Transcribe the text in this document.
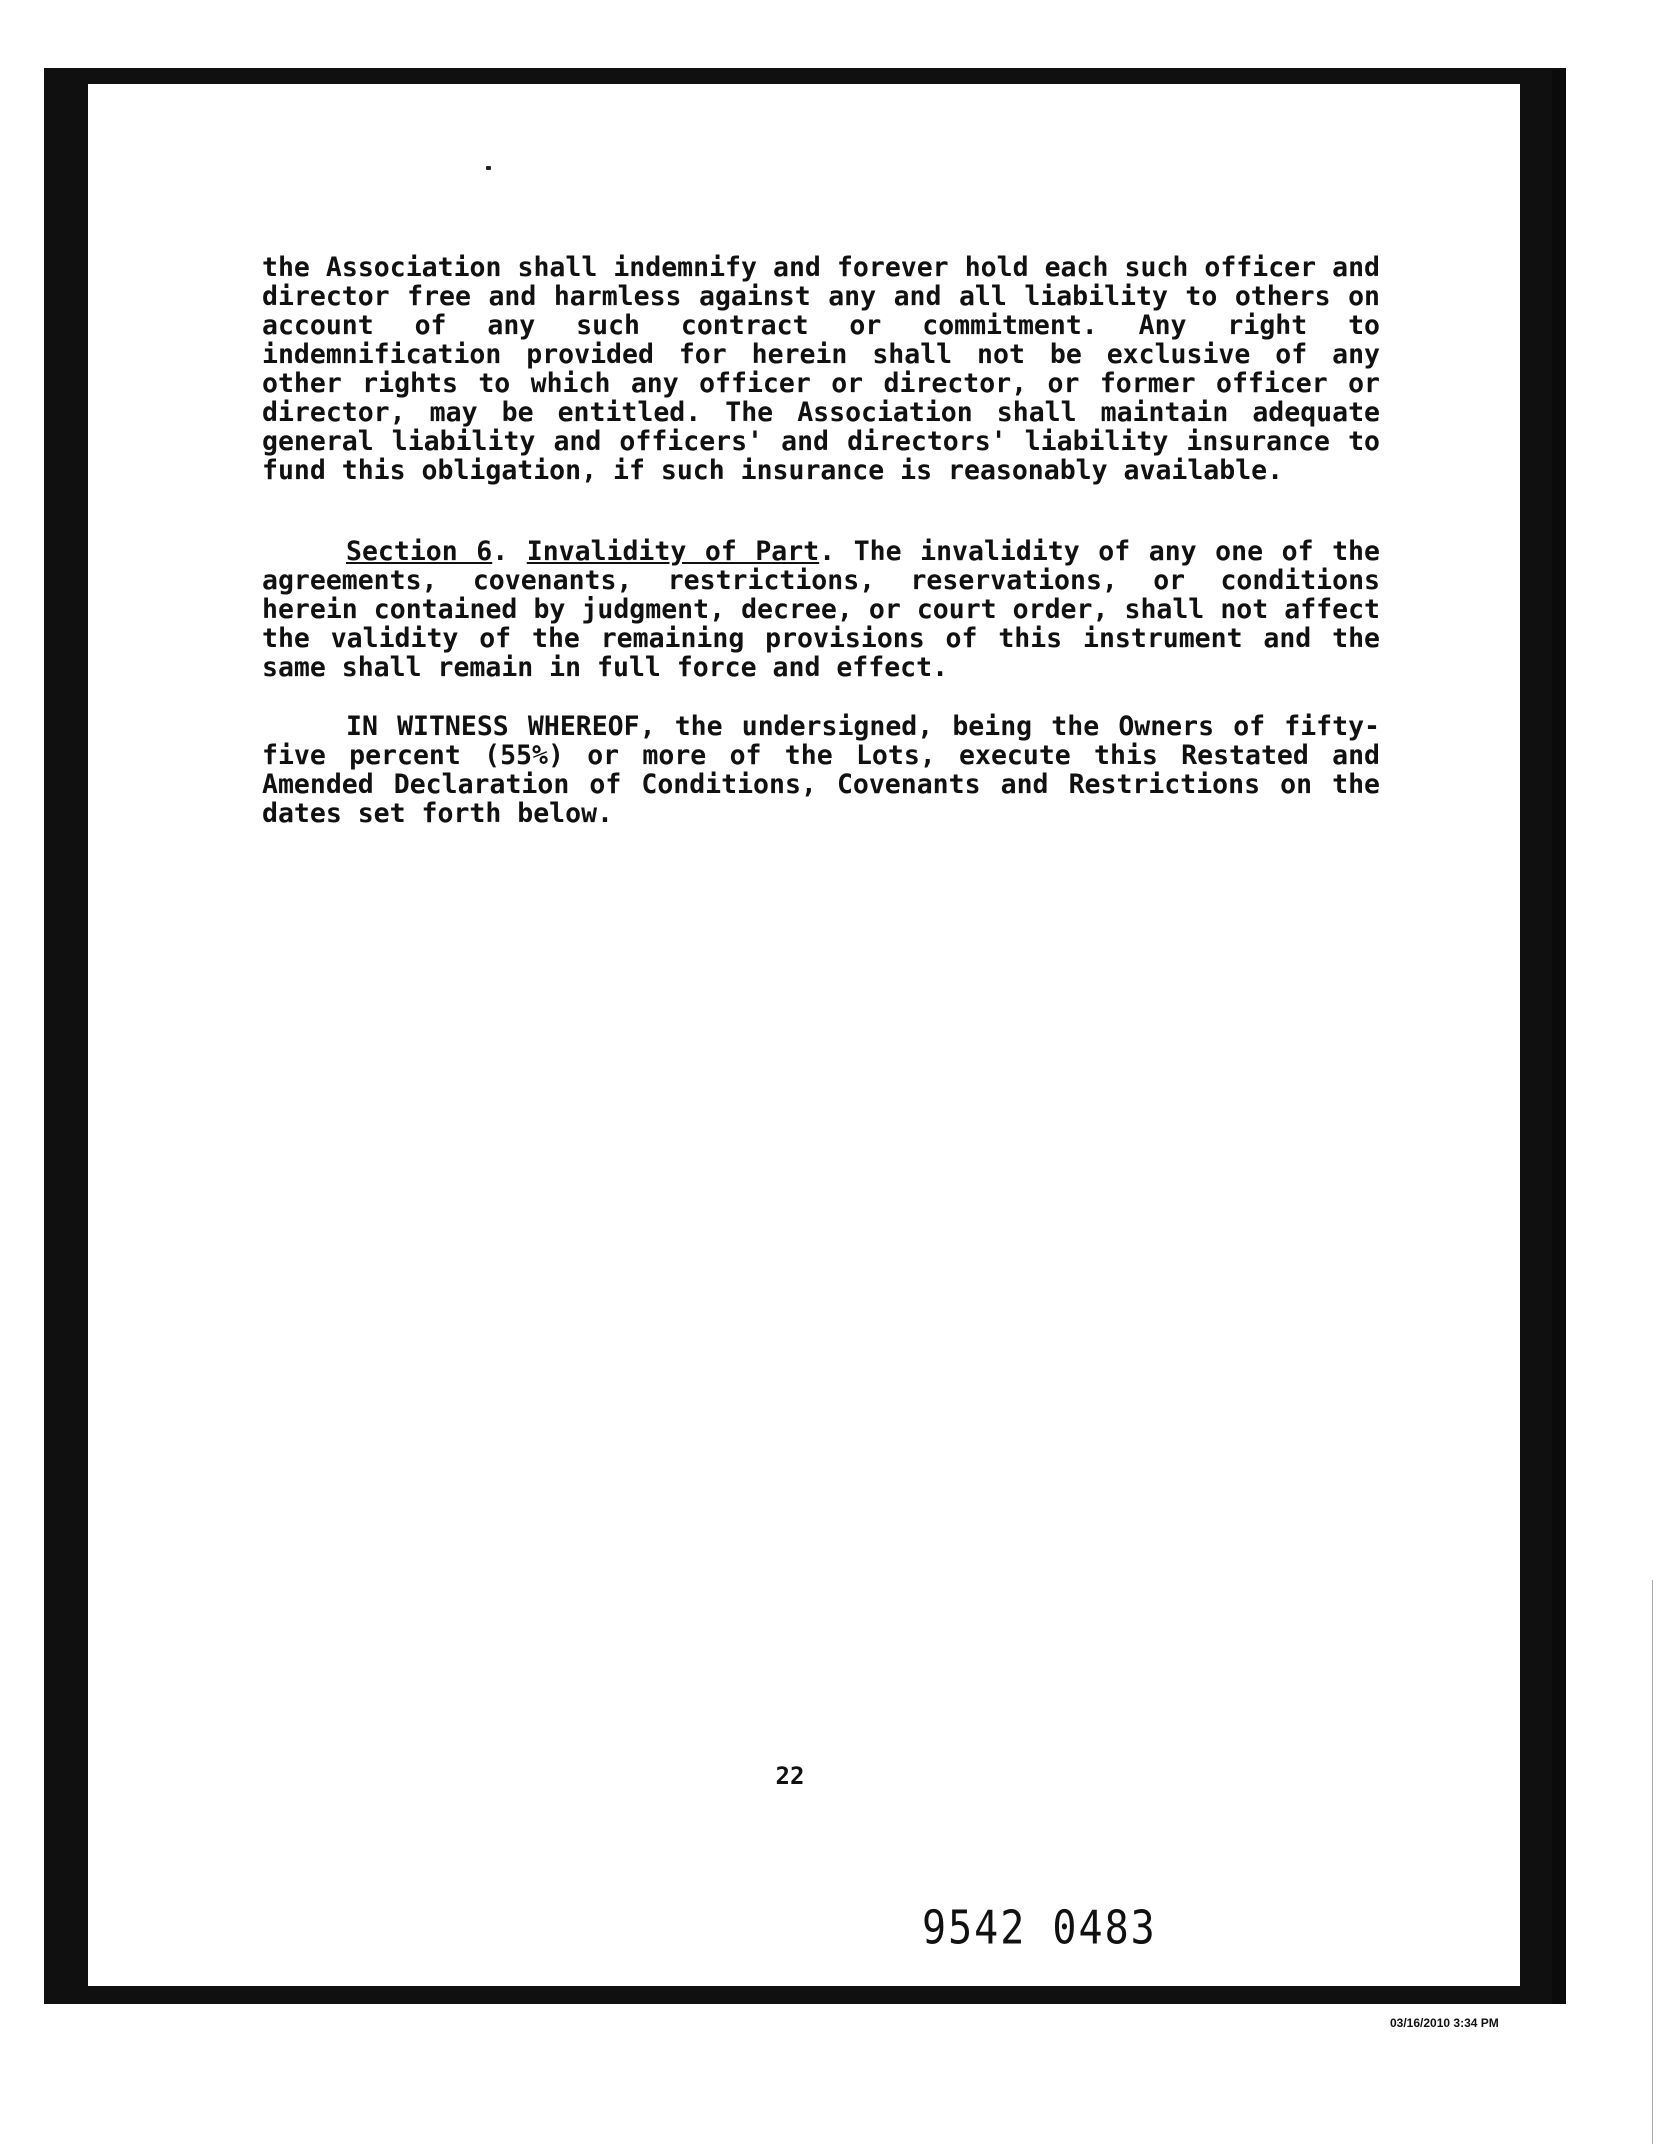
the Association shall indemnify and forever hold each such officer and director free and harmless against any and all liability to others on account of any such contract or commitment. Any right to indemnification provided for herein shall not be exclusive of any other rights to which any officer or director, or former officer or director, may be entitled. The Association shall maintain adequate general liability and officers' and directors' liability insurance to fund this obligation, if such insurance is reasonably available.
Section 6. Invalidity of Part. The invalidity of any one of the agreements, covenants, restrictions, reservations, or conditions herein contained by judgment, decree, or court order, shall not affect the validity of the remaining provisions of this instrument and the same shall remain in full force and effect.
IN WITNESS WHEREOF, the undersigned, being the Owners of fifty-five percent (55%) or more of the Lots, execute this Restated and Amended Declaration of Conditions, Covenants and Restrictions on the dates set forth below.
22
9542 0483
03/16/2010 3:34 PM
